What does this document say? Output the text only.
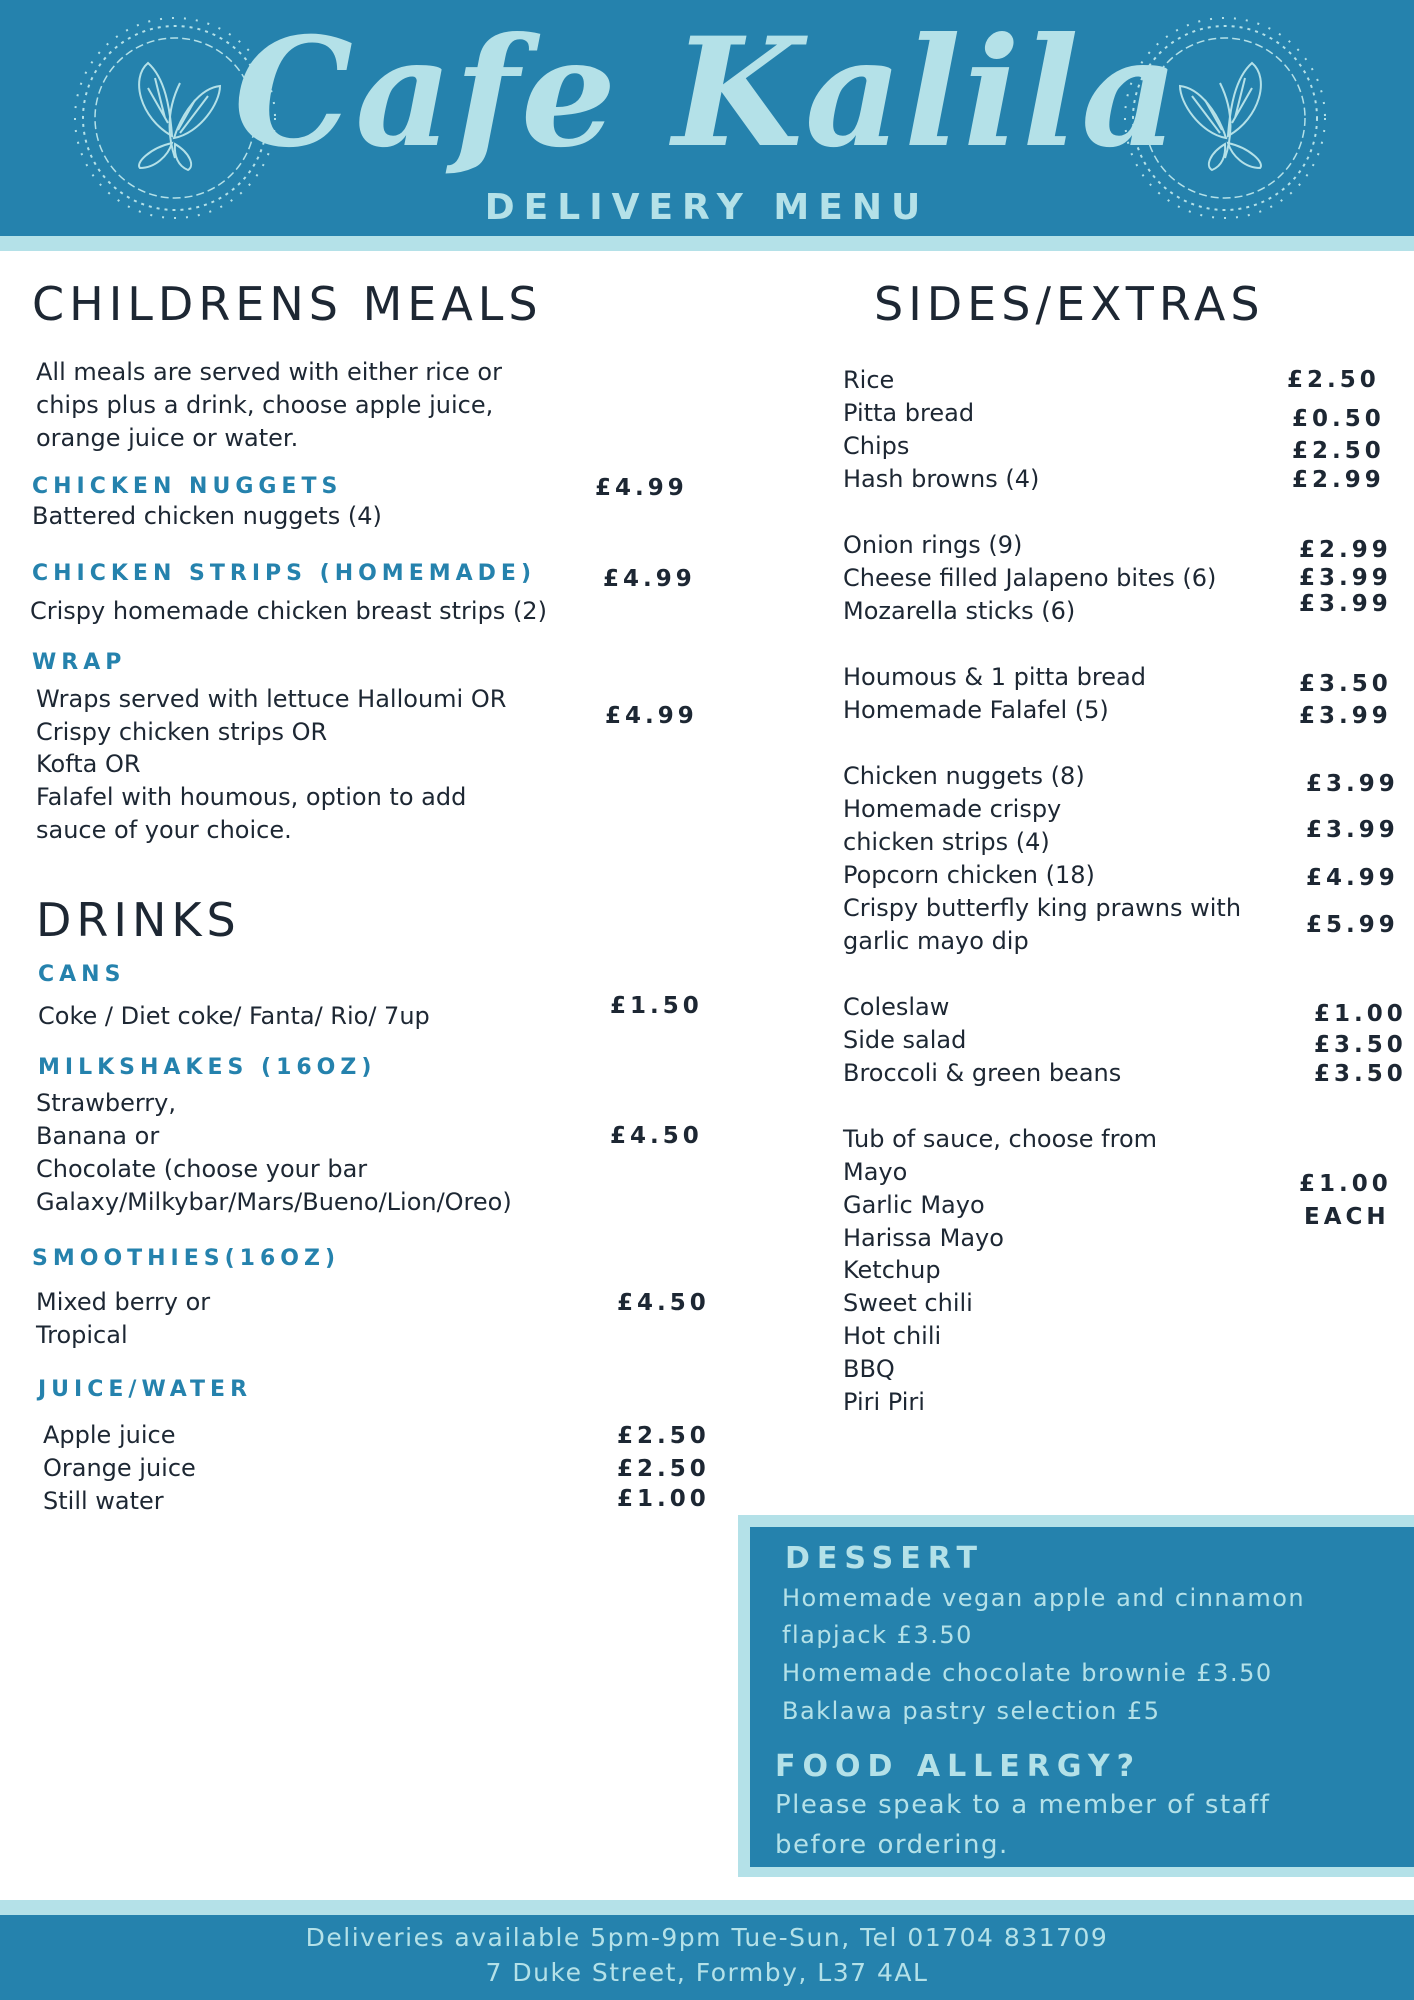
Cafe Kalila
DELIVERY MENU
CHILDRENS MEALS
All meals are served with either rice or
chips plus a drink, choose apple juice,
orange juice or water.
CHICKEN NUGGETS	£4.99
Battered chicken nuggets (4)
CHICKEN STRIPS (HOMEMADE)	£4.99
Crispy homemade chicken breast strips (2)
WRAP
£4.99
Wraps served with lettuce Halloumi OR
Crispy chicken strips OR
Kofta OR
Falafel with houmous, option to add
sauce of your choice.
DRINKS
CANS
£1.50
Coke / Diet coke/ Fanta/ Rio/ 7up
MILKSHAKES (16OZ)
£4.50
Strawberry,
Banana or
Chocolate (choose your bar
Galaxy/Milkybar/Mars/Bueno/Lion/Oreo)
SMOOTHIES(16OZ)
£4.50
Mixed berry or
Tropical
JUICE/WATER
Apple juice	£2.50
Orange juice	£2.50
Still water	£1.00
SIDES/EXTRAS
Rice	£2.50
Pitta bread	£0.50
Chips	£2.50
Hash browns (4)	£2.99
Onion rings (9)	£2.99
Cheese filled Jalapeno bites (6)	£3.99
Mozarella sticks (6)	£3.99
Houmous & 1 pitta bread	£3.50
Homemade Falafel (5)	£3.99
Chicken nuggets (8)	£3.99
Homemade crispy
chicken strips (4)	£3.99
Popcorn chicken (18)	£4.99
Crispy butterfly king prawns with
garlic mayo dip
£5.99
Coleslaw	£1.00
Side salad	£3.50
Broccoli & green beans	£3.50
Tub of sauce, choose from
Mayo
Garlic Mayo
Harissa Mayo
Ketchup
Sweet chili
Hot chili
BBQ
Piri Piri
£1.00
EACH
DESSERT
Homemade vegan apple and cinnamon
flapjack £3.50
Homemade chocolate brownie £3.50
Baklawa pastry selection £5
FOOD ALLERGY?
Please speak to a member of staff
before ordering.
Deliveries available 5pm-9pm Tue-Sun, Tel 01704 831709
7 Duke Street, Formby, L37 4AL
